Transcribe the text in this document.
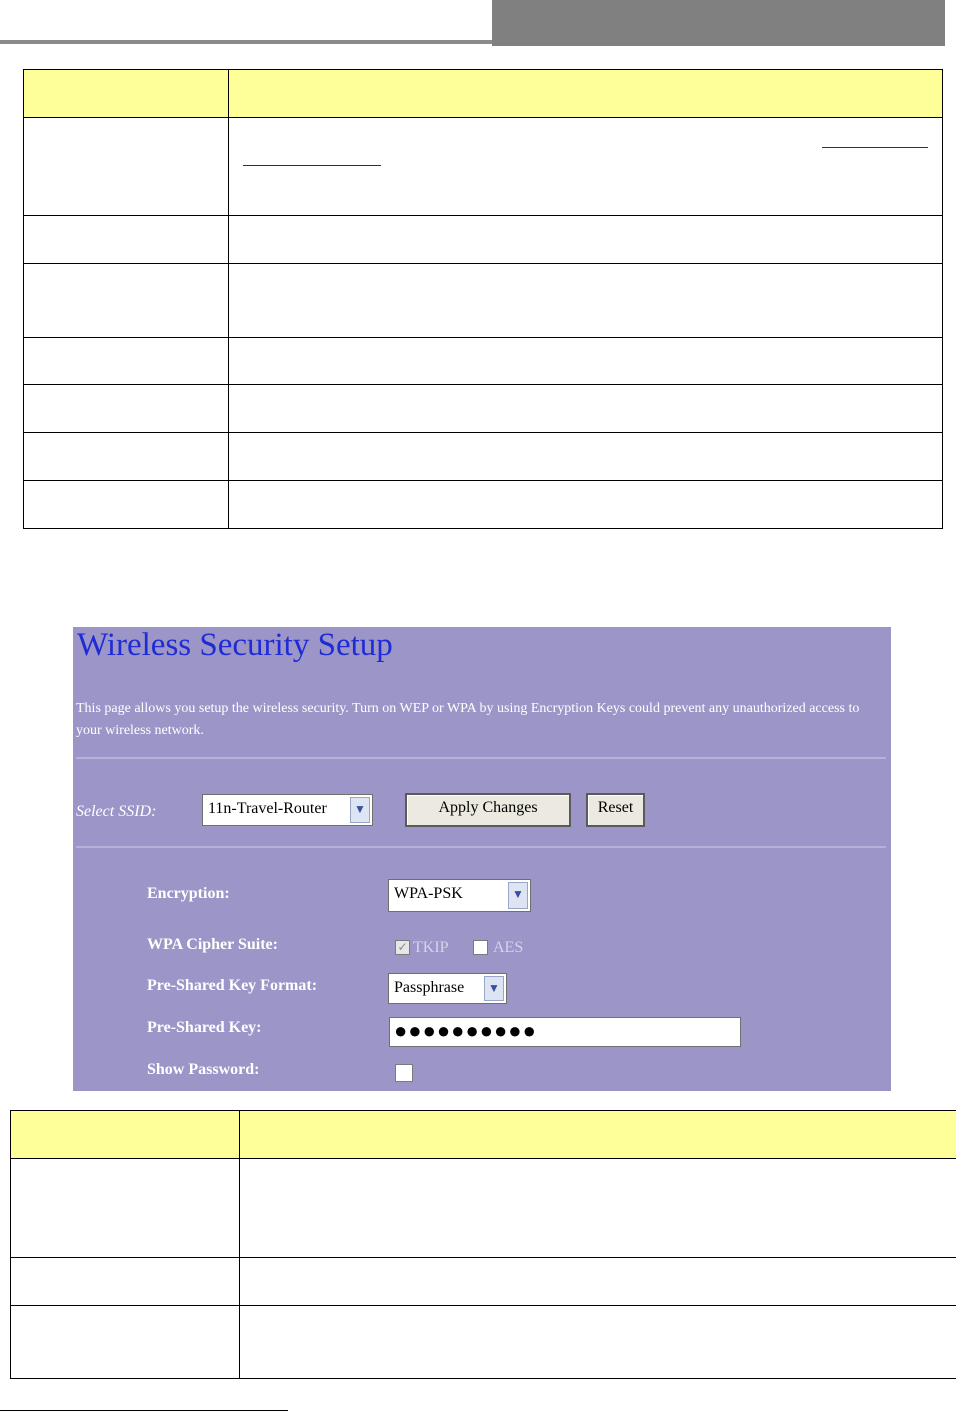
Wireless Security Setup
This page allows you setup the wireless security. Turn on WEP or WPA by using Encryption Keys could prevent any unauthorized access to your wireless network.
Select SSID:	11n-Travel-Router	▼	Apply Changes	Reset
Encryption:	WPA-PSK	▼
WPA Cipher Suite:	✓ TKIP	AES
Pre-Shared Key Format:	Passphrase	▼
Pre-Shared Key:	●●●●●●●●●●
Show Password:
